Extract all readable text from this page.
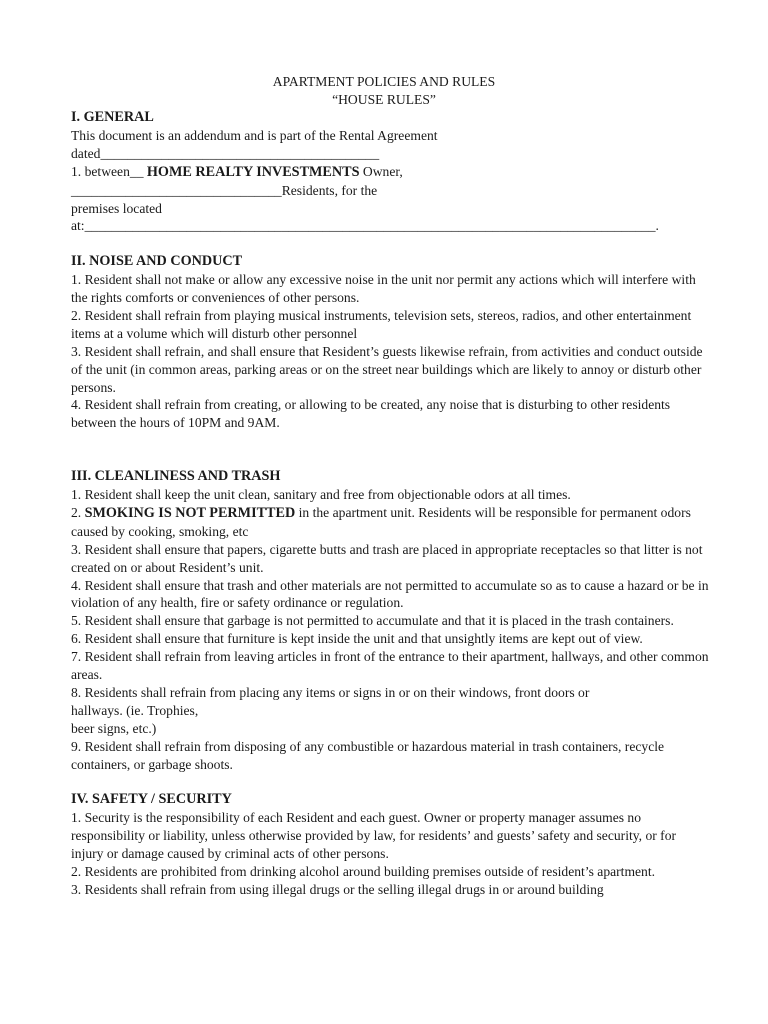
APARTMENT POLICIES AND RULES
“HOUSE RULES”

I. GENERAL

This document is an addendum and is part of the Rental Agreement

dated_________________________________________

1. between__ HOME REALTY INVESTMENTS Owner,

_______________________________Residents, for the

premises located

at:____________________________________________________________________________________.

II. NOISE AND CONDUCT

1. Resident shall not make or allow any excessive noise in the unit nor permit any actions which will interfere with the rights comforts or conveniences of other persons.

2. Resident shall refrain from playing musical instruments, television sets, stereos, radios, and other entertainment items at a volume which will disturb other personnel

3. Resident shall refrain, and shall ensure that Resident’s guests likewise refrain, from activities and conduct outside of the unit (in common areas, parking areas or on the street near buildings which are likely to annoy or disturb other persons.

4. Resident shall refrain from creating, or allowing to be created, any noise that is disturbing to other residents between the hours of 10PM and 9AM.

III. CLEANLINESS AND TRASH

1. Resident shall keep the unit clean, sanitary and free from objectionable odors at all times.

2. SMOKING IS NOT PERMITTED in the apartment unit. Residents will be responsible for permanent odors caused by cooking, smoking, etc

3. Resident shall ensure that papers, cigarette butts and trash are placed in appropriate receptacles so that litter is not created on or about Resident’s unit.

4. Resident shall ensure that trash and other materials are not permitted to accumulate so as to cause a hazard or be in violation of any health, fire or safety ordinance or regulation.

5. Resident shall ensure that garbage is not permitted to accumulate and that it is placed in the trash containers.

6. Resident shall ensure that furniture is kept inside the unit and that unsightly items are kept out of view.

7. Resident shall refrain from leaving articles in front of the entrance to their apartment, hallways, and other common areas.

8. Residents shall refrain from placing any items or signs in or on their windows, front doors or

hallways. (ie. Trophies,

beer signs, etc.)

9. Resident shall refrain from disposing of any combustible or hazardous material in trash containers, recycle containers, or garbage shoots.

IV. SAFETY / SECURITY

1. Security is the responsibility of each Resident and each guest. Owner or property manager assumes no responsibility or liability, unless otherwise provided by law, for residents’ and guests’ safety and security, or for injury or damage caused by criminal acts of other persons.

2. Residents are prohibited from drinking alcohol around building premises outside of resident’s apartment.

3. Residents shall refrain from using illegal drugs or the selling illegal drugs in or around building
